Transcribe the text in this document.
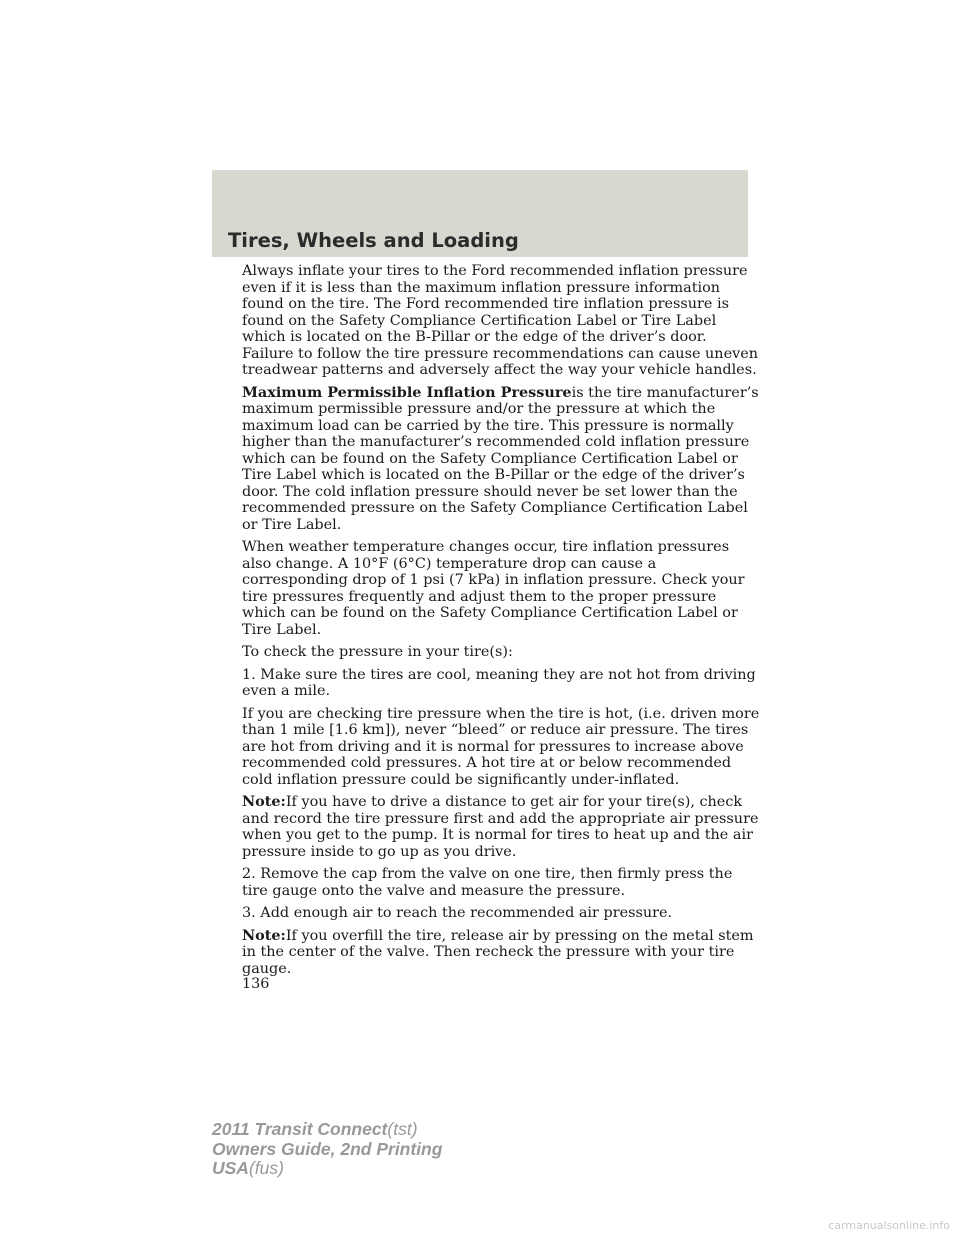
Tires, Wheels and Loading

Always inflate your tires to the Ford recommended inflation pressure even if it is less than the maximum inflation pressure information found on the tire. The Ford recommended tire inflation pressure is found on the Safety Compliance Certification Label or Tire Label which is located on the B-Pillar or the edge of the driver’s door. Failure to follow the tire pressure recommendations can cause uneven treadwear patterns and adversely affect the way your vehicle handles.

Maximum Permissible Inflation Pressureis the tire manufacturer’s maximum permissible pressure and/or the pressure at which the maximum load can be carried by the tire. This pressure is normally higher than the manufacturer’s recommended cold inflation pressure which can be found on the Safety Compliance Certification Label or Tire Label which is located on the B-Pillar or the edge of the driver’s door. The cold inflation pressure should never be set lower than the recommended pressure on the Safety Compliance Certification Label or Tire Label.

When weather temperature changes occur, tire inflation pressures also change. A 10°F (6°C) temperature drop can cause a corresponding drop of 1 psi (7 kPa) in inflation pressure. Check your tire pressures frequently and adjust them to the proper pressure which can be found on the Safety Compliance Certification Label or Tire Label.

To check the pressure in your tire(s):

1. Make sure the tires are cool, meaning they are not hot from driving even a mile.

If you are checking tire pressure when the tire is hot, (i.e. driven more than 1 mile [1.6 km]), never “bleed” or reduce air pressure. The tires are hot from driving and it is normal for pressures to increase above recommended cold pressures. A hot tire at or below recommended cold inflation pressure could be significantly under-inflated.

Note:If you have to drive a distance to get air for your tire(s), check and record the tire pressure first and add the appropriate air pressure when you get to the pump. It is normal for tires to heat up and the air pressure inside to go up as you drive.

2. Remove the cap from the valve on one tire, then firmly press the tire gauge onto the valve and measure the pressure.

3. Add enough air to reach the recommended air pressure.

Note:If you overfill the tire, release air by pressing on the metal stem in the center of the valve. Then recheck the pressure with your tire gauge.

136
2011 Transit Connect(tst)
Owners Guide, 2nd Printing
USA(fus)
carmanualsonline.info
